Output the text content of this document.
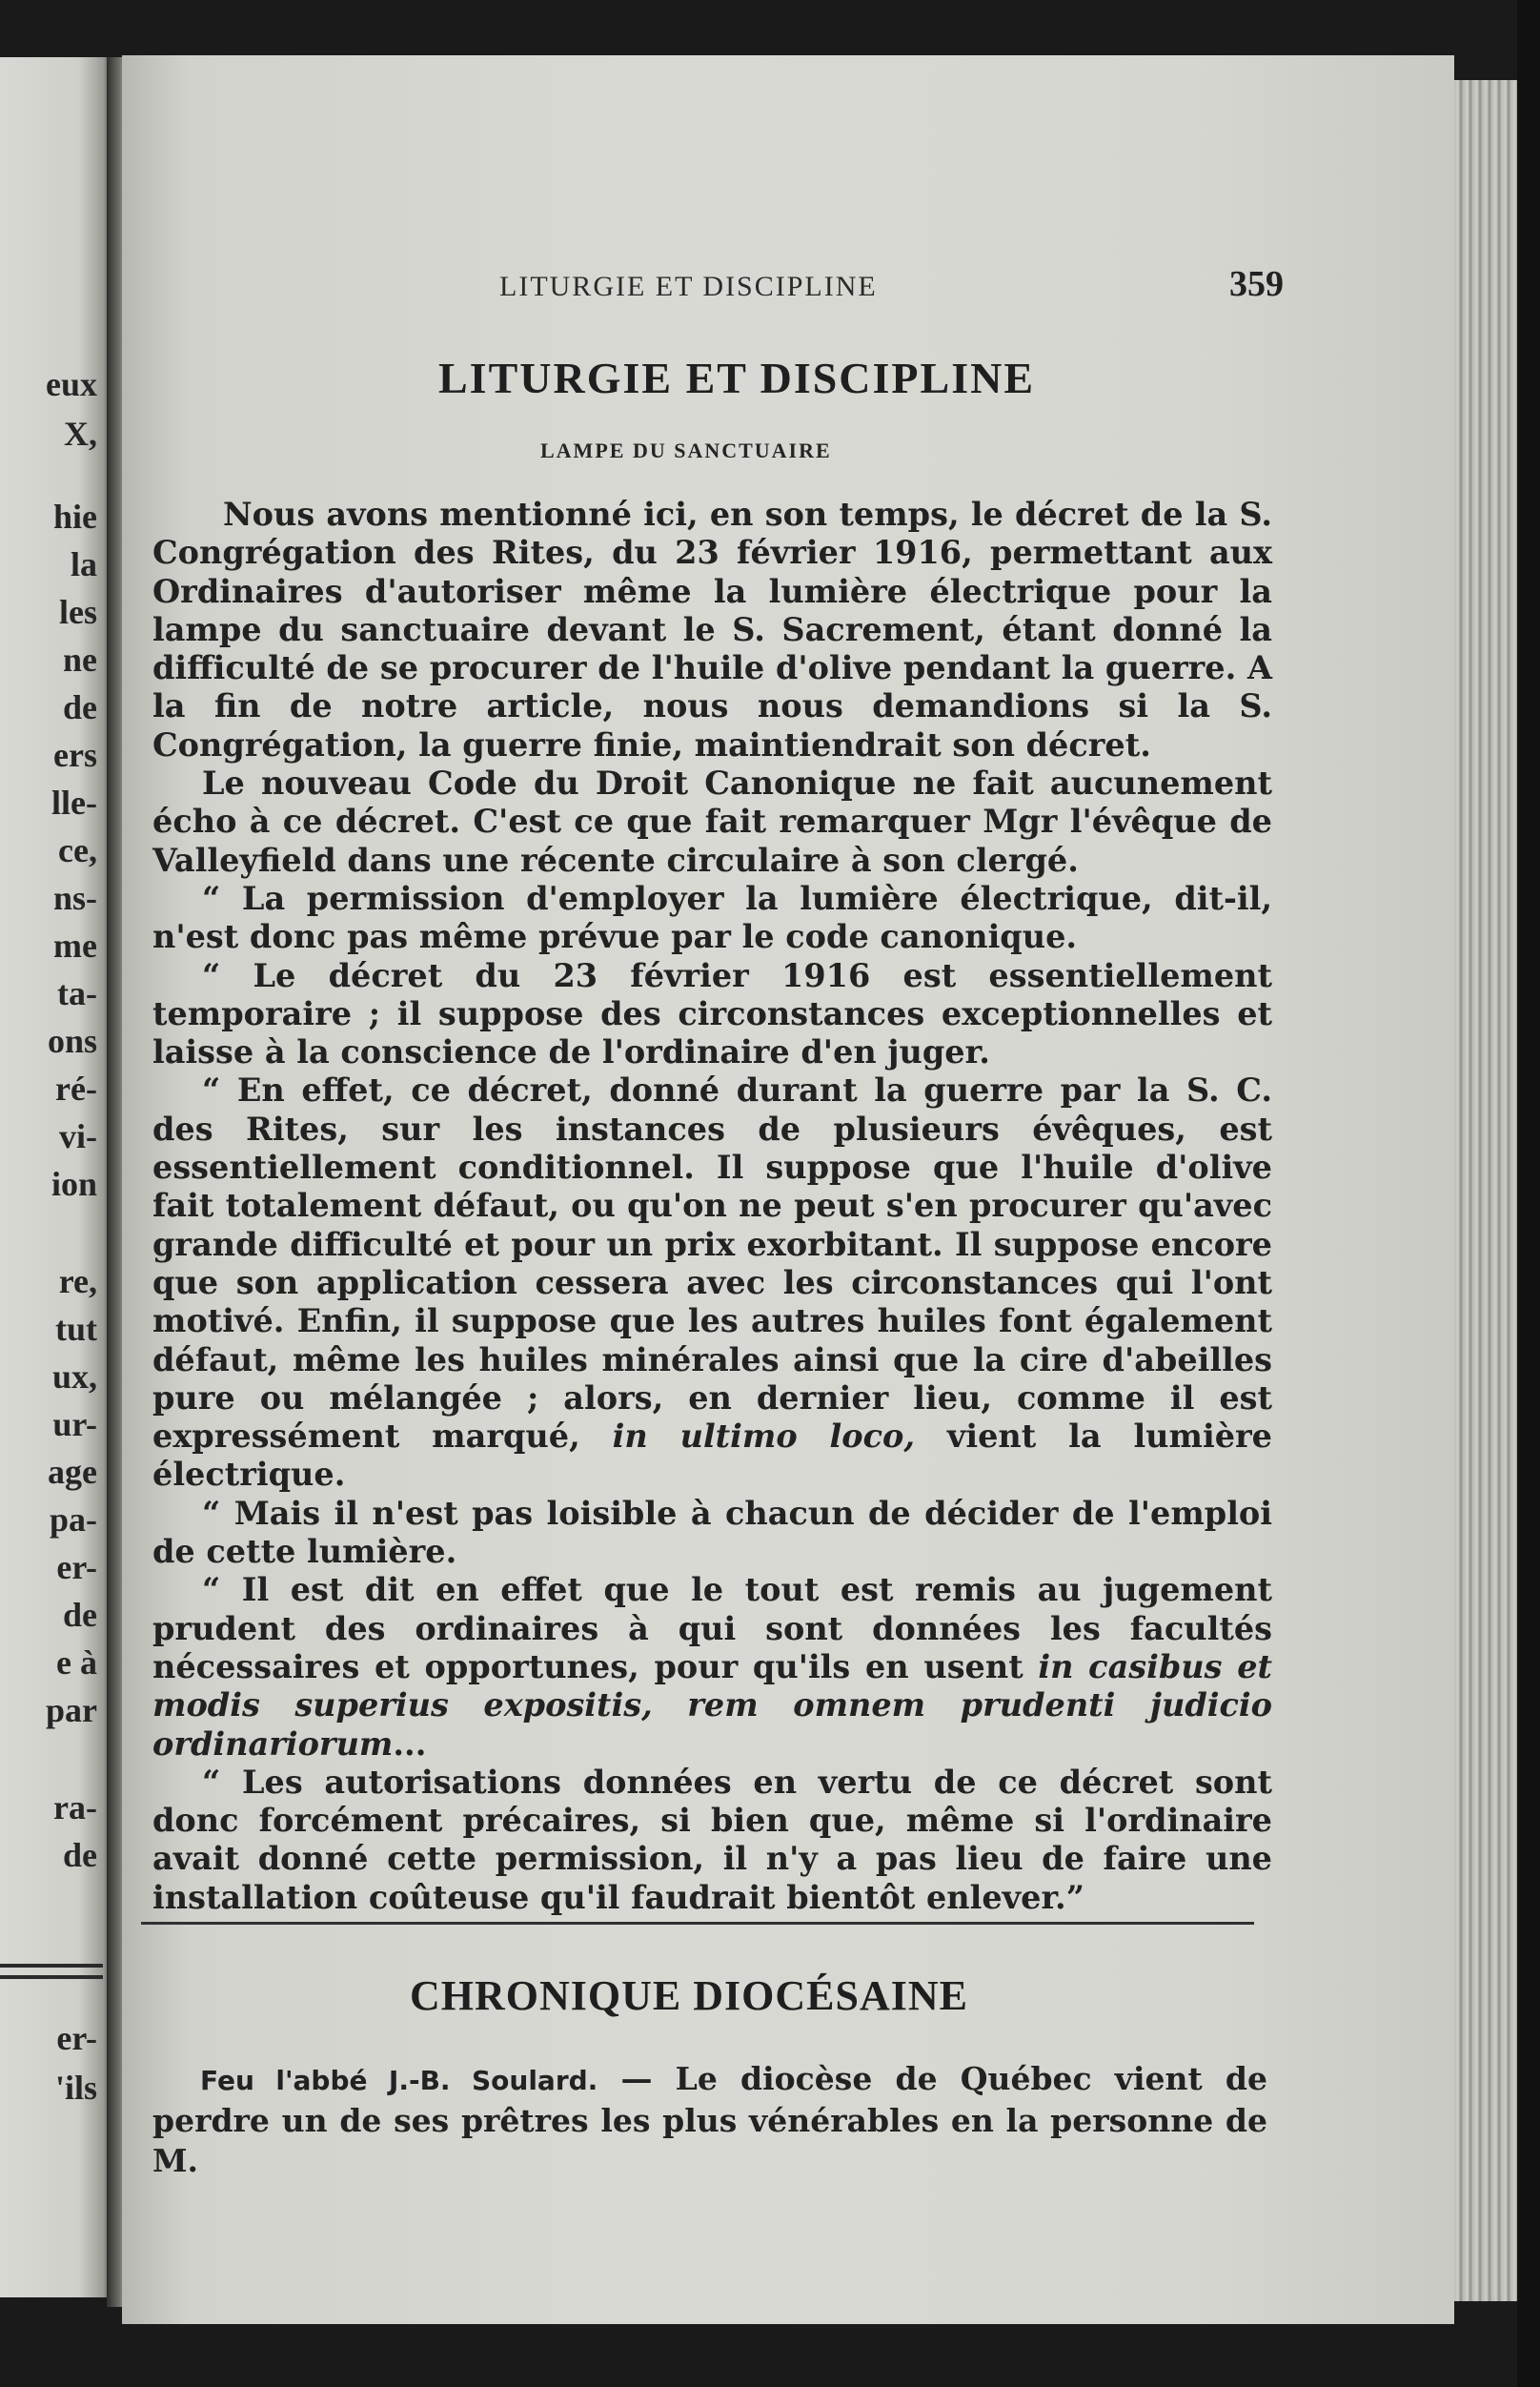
eux
X,
hie
la
les
ne
de
ers
lle-
ce,
ns-
me
ta-
ons
ré-
vi-
ion
re,
tut
ux,
ur-
age
pa-
er-
de
e à
par
ra-
de
er-
'ils
LITURGIE ET DISCIPLINE	359
LITURGIE ET DISCIPLINE
LAMPE DU SANCTUAIRE

Nous avons mentionné ici, en son temps, le décret de la S. Congrégation des Rites, du 23 février 1916, permettant aux Ordinaires d'autoriser même la lumière électrique pour la lampe du sanctuaire devant le S. Sacrement, étant donné la difficulté de se procurer de l'huile d'olive pendant la guerre. A la fin de notre article, nous nous demandions si la S. Congrégation, la guerre finie, maintiendrait son décret.

Le nouveau Code du Droit Canonique ne fait aucunement écho à ce décret. C'est ce que fait remarquer Mgr l'évêque de Valleyfield dans une récente circulaire à son clergé.

“ La permission d'employer la lumière électrique, dit-il, n'est donc pas même prévue par le code canonique.

“ Le décret du 23 février 1916 est essentiellement temporaire ; il suppose des circonstances exceptionnelles et laisse à la conscience de l'ordinaire d'en juger.

“ En effet, ce décret, donné durant la guerre par la S. C. des Rites, sur les instances de plusieurs évêques, est essentiellement conditionnel. Il suppose que l'huile d'olive fait totalement défaut, ou qu'on ne peut s'en procurer qu'avec grande difficulté et pour un prix exorbitant. Il suppose encore que son application cessera avec les circonstances qui l'ont motivé. Enfin, il suppose que les autres huiles font également défaut, même les huiles minérales ainsi que la cire d'abeilles pure ou mélangée ; alors, en dernier lieu, comme il est expressément marqué, in ultimo loco, vient la lumière électrique.

“ Mais il n'est pas loisible à chacun de décider de l'emploi de cette lumière.

“ Il est dit en effet que le tout est remis au jugement prudent des ordinaires à qui sont données les facultés nécessaires et opportunes, pour qu'ils en usent in casibus et modis superius expositis, rem omnem prudenti judicio ordinariorum...

“ Les autorisations données en vertu de ce décret sont donc forcément précaires, si bien que, même si l'ordinaire avait donné cette permission, il n'y a pas lieu de faire une installation coûteuse qu'il faudrait bientôt enlever.”

CHRONIQUE DIOCÉSAINE

Feu l'abbé J.-B. Soulard. — Le diocèse de Québec vient de perdre un de ses prêtres les plus vénérables en la personne de M.
